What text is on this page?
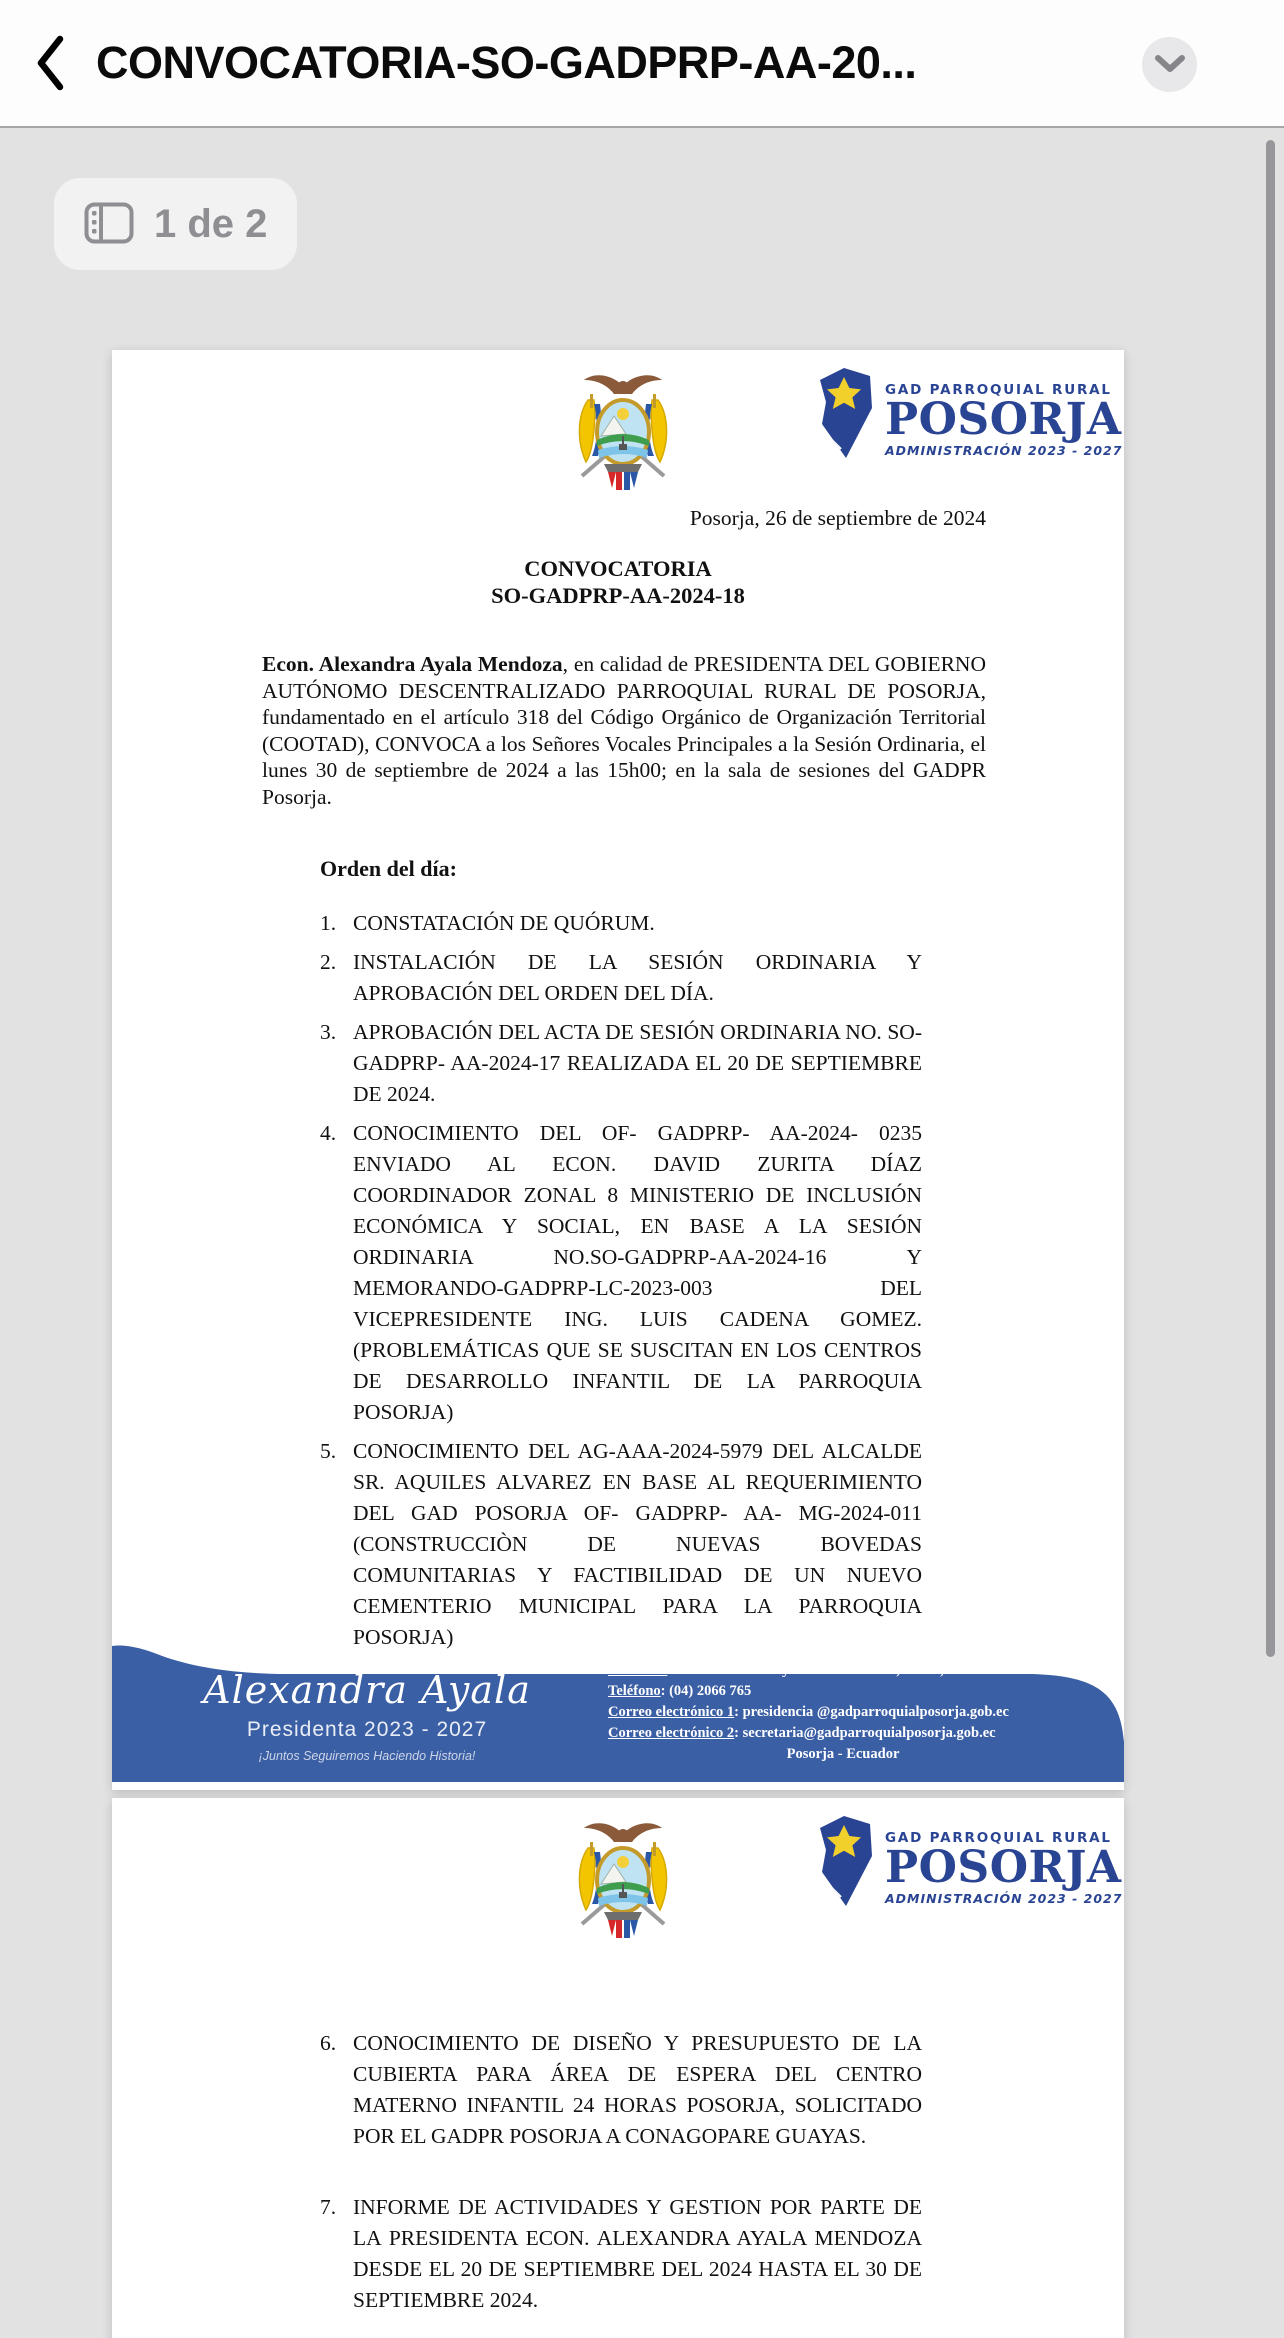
CONVOCATORIA-SO-GADPRP-AA-20...
1 de 2
GAD PARROQUIAL RURAL
POSORJA
ADMINISTRACIÓN 2023 - 2027
Posorja, 26 de septiembre de 2024
CONVOCATORIA
SO-GADPRP-AA-2024-18

Econ. Alexandra Ayala Mendoza, en calidad de PRESIDENTA DEL GOBIERNO AUTÓNOMO DESCENTRALIZADO PARROQUIAL RURAL DE POSORJA, fundamentado en el artículo 318 del Código Orgánico de Organización Territorial (COOTAD), CONVOCA a los Señores Vocales Principales a la Sesión Ordinaria, el lunes 30 de septiembre de 2024 a las 15h00; en la sala de sesiones del GADPR Posorja.

Orden del día:
1. CONSTATACIÓN DE QUÓRUM.
2. INSTALACIÓN DE LA SESIÓN ORDINARIA Y APROBACIÓN DEL ORDEN DEL DÍA.
3. APROBACIÓN DEL ACTA DE SESIÓN ORDINARIA NO. SO-GADPRP- AA-2024-17 REALIZADA EL 20 DE SEPTIEMBRE DE 2024.
4. CONOCIMIENTO DEL OF- GADPRP- AA-2024- 0235 ENVIADO AL ECON. DAVID ZURITA DÍAZ COORDINADOR ZONAL 8 MINISTERIO DE INCLUSIÓN ECONÓMICA Y SOCIAL, EN BASE A LA SESIÓN ORDINARIA NO.SO-GADPRP-AA-2024-16 Y MEMORANDO-GADPRP-LC-2023-003 DEL VICEPRESIDENTE ING. LUIS CADENA GOMEZ. (PROBLEMÁTICAS QUE SE SUSCITAN EN LOS CENTROS DE DESARROLLO INFANTIL DE LA PARROQUIA POSORJA)
5. CONOCIMIENTO DEL AG-AAA-2024-5979 DEL ALCALDE SR. AQUILES ALVAREZ EN BASE AL REQUERIMIENTO DEL GAD POSORJA OF- GADPRP- AA- MG-2024-011 (CONSTRUCCIÒN DE NUEVAS BOVEDAS COMUNITARIAS Y FACTIBILIDAD DE UN NUEVO CEMENTERIO MUNICIPAL PARA LA PARROQUIA POSORJA)
Alexandra Ayala
Presidenta 2023 - 2027
¡Juntos Seguiremos Haciendo Historia!
Dirección: Calle 25 de Julio y Natividad Flores, mz 27, solar 2.
Teléfono: (04) 2066 765
Correo electrónico 1: presidencia @gadparroquialposorja.gob.ec
Correo electrónico 2: secretaria@gadparroquialposorja.gob.ec
Posorja - Ecuador
GAD PARROQUIAL RURAL
POSORJA
ADMINISTRACIÓN 2023 - 2027
6. CONOCIMIENTO DE DISEÑO Y PRESUPUESTO DE LA CUBIERTA PARA ÁREA DE ESPERA DEL CENTRO MATERNO INFANTIL 24 HORAS POSORJA, SOLICITADO POR EL GADPR POSORJA A CONAGOPARE GUAYAS.
7. INFORME DE ACTIVIDADES Y GESTION POR PARTE DE LA PRESIDENTA ECON. ALEXANDRA AYALA MENDOZA DESDE EL 20 DE SEPTIEMBRE DEL 2024 HASTA EL 30 DE SEPTIEMBRE 2024.
